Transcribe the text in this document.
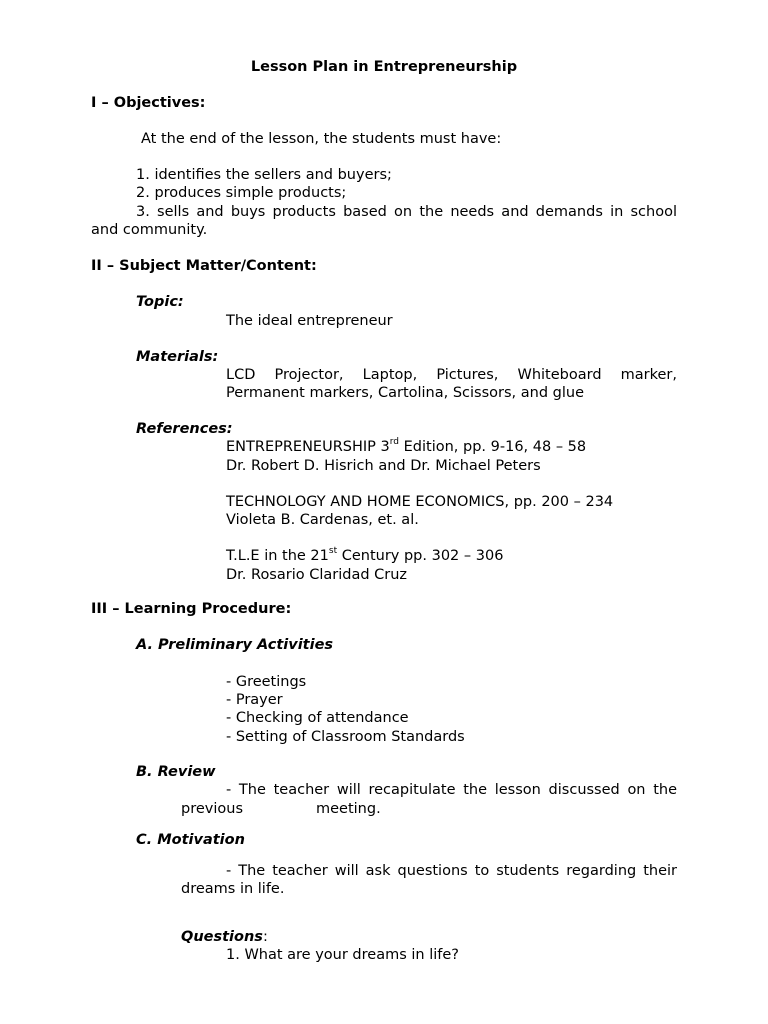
Lesson Plan in Entrepreneurship
I – Objectives:
At the end of the lesson, the students must have:
1. identifies the sellers and buyers;
2. produces simple products;
3. sells and buys products based on the needs and demands in school
and community.
II – Subject Matter/Content:
Topic:
The ideal entrepreneur
Materials:
LCD Projector, Laptop, Pictures, Whiteboard marker,
Permanent markers, Cartolina, Scissors, and glue
References:
ENTREPRENEURSHIP 3rd Edition, pp. 9-16, 48 – 58
Dr. Robert D. Hisrich and Dr. Michael Peters
TECHNOLOGY AND HOME ECONOMICS, pp. 200 – 234
Violeta B. Cardenas, et. al.
T.L.E in the 21st Century pp. 302 – 306
Dr. Rosario Claridad Cruz
III – Learning Procedure:
A. Preliminary Activities
- Greetings
- Prayer
- Checking of attendance
- Setting of Classroom Standards
B. Review
- The teacher will recapitulate the lesson discussed on the
previous	meeting.
C. Motivation
- The teacher will ask questions to students regarding their
dreams in life.
Questions:
1. What are your dreams in life?
